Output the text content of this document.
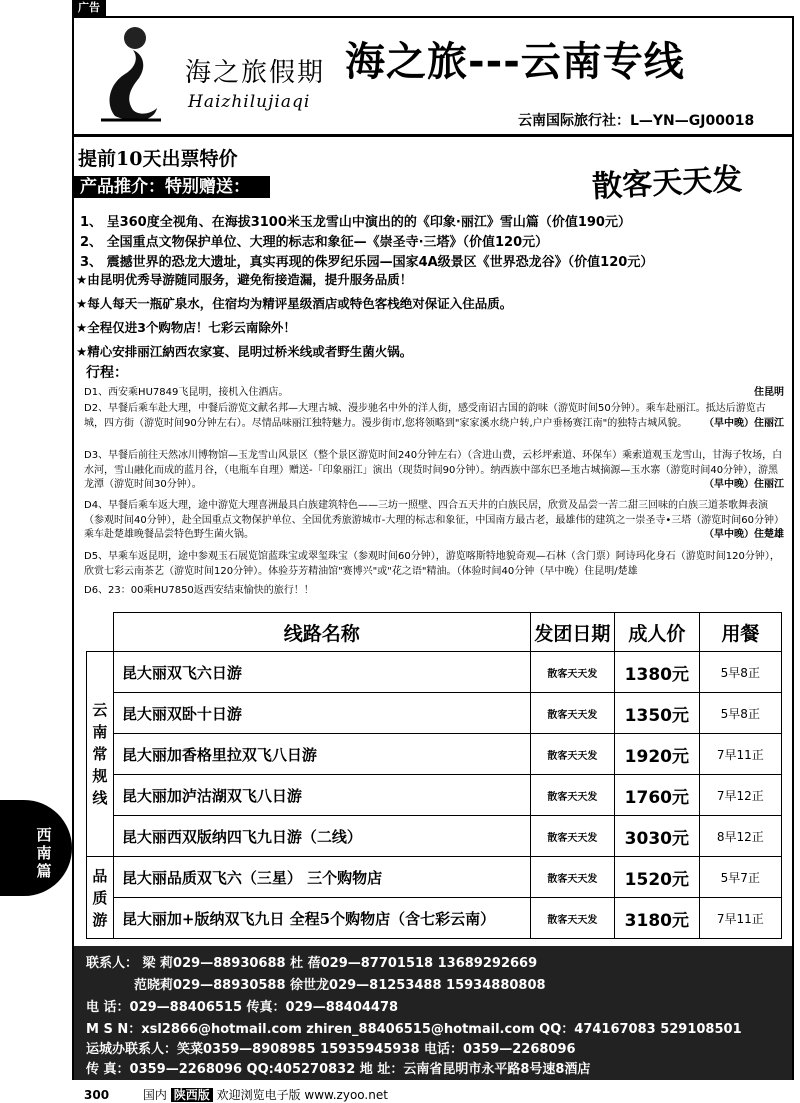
广告
海之旅假期
Haizhilujiaqi
海之旅---云南专线
云南国际旅行社：L—YN—GJ00018
提前10天出票特价
产品推介：特别赠送：	散客天天发
1、 呈360度全视角、在海拔3100米玉龙雪山中演出的的《印象·丽江》雪山篇（价值190元）
2、 全国重点文物保护单位、大理的标志和象征—《崇圣寺·三塔》（价值120元）
3、 震撼世界的恐龙大遗址，真实再现的侏罗纪乐园—国家4A级景区《世界恐龙谷》（价值120元）
★由昆明优秀导游随同服务，避免衔接造漏，提升服务品质！
★每人每天一瓶矿泉水，住宿均为精评星级酒店或特色客栈绝对保证入住品质。
★全程仅进3个购物店！七彩云南除外！
★精心安排丽江納西农家宴、昆明过桥米线或者野生菌火锅。
行程：
住昆明
D1、西安乘HU7849飞昆明，接机入住酒店。
D2、早餐后乘车赴大理，中餐后游览文献名邦—大理古城、漫步驰名中外的洋人街，感受南诏古国的韵味（游览时间50分钟）。乘车赴丽江。抵达后游览古城，四方街（游览时间90分钟左右）。尽情品味丽江独特魅力。漫步街市,您将领略到"家家溪水绕户转,户户垂杨赛江南"的独特古城风貌。 （早中晚）住丽江
D3、早餐后前往天然冰川博物馆—玉龙雪山风景区（整个景区游览时间240分钟左右）（含进山费，云杉坪索道、环保车）乘索道观玉龙雪山，甘海子牧场，白水河，雪山融化而成的蓝月谷，（电瓶车自理）赠送-「印象丽江」演出（现货时间90分钟）。纳西族中部东巴圣地古城摘源—玉水寨（游览时间40分钟），游黑龙潭（游览时间30分钟）。	（早中晚）住丽江
D4、早餐后乘车返大理，途中游览大理喜洲最具白族建筑特色——三坊一照壁、四合五天井的白族民居，欣赏及品尝一苦二甜三回味的白族三道茶歌舞表演（参观时间40分钟），赴全国重点文物保护单位、全国优秀旅游城市-大理的标志和象征，中国南方最古老，最雄伟的建筑之一崇圣寺•三塔（游览时间60分钟）乘车赴楚雄晚餐品尝特色野生菌火锅。	（早中晚）住楚雄
D5、早乘车返昆明，途中参观玉石展览馆蓝珠宝或翠玺珠宝（参观时间60分钟），游览喀斯特地貌奇观—石林（含门票）阿诗玛化身石（游览时间120分钟），欣赏七彩云南茶艺（游览时间120分钟）。体验芬芳精油馆"赛博兴"或"花之语"精油。（体验时间40分钟（早中晚）住昆明/楚雄
D6、23：00乘HU7850返西安结束愉快的旅行！！
	线路名称	发团日期	成人价	用餐
云南常规线	昆大丽双飞六日游	散客天天发	1380元	5早8正
	昆大丽双卧十日游	散客天天发	1350元	5早8正
	昆大丽加香格里拉双飞八日游	散客天天发	1920元	7早11正
	昆大丽加泸沽湖双飞八日游	散客天天发	1760元	7早12正
	昆大丽西双版纳四飞九日游（二线）	散客天天发	3030元	8早12正
品质游	昆大丽品质双飞六（三星） 三个购物店	散客天天发	1520元	5早7正
	昆大丽加+版纳双飞九日 全程5个购物店（含七彩云南）	散客天天发	3180元	7早11正
联系人： 梁 莉029—88930688 杜 蓓029—87701518 13689292669
范晓莉029—88930588 徐世龙029—81253488 15934880808
电 话：029—88406515 传真：029—88404478
M S N：xsl2866@hotmail.com zhiren_88406515@hotmail.com QQ：474167083 529108501
运城办联系人：笑菜0359—8908985 15935945938 电话：0359—2268096
传 真：0359—2268096 QQ:405270832 地 址：云南省昆明市永平路8号速8酒店
西南篇
300	国内 陕西版 欢迎浏览电子版 www.zyoo.net
